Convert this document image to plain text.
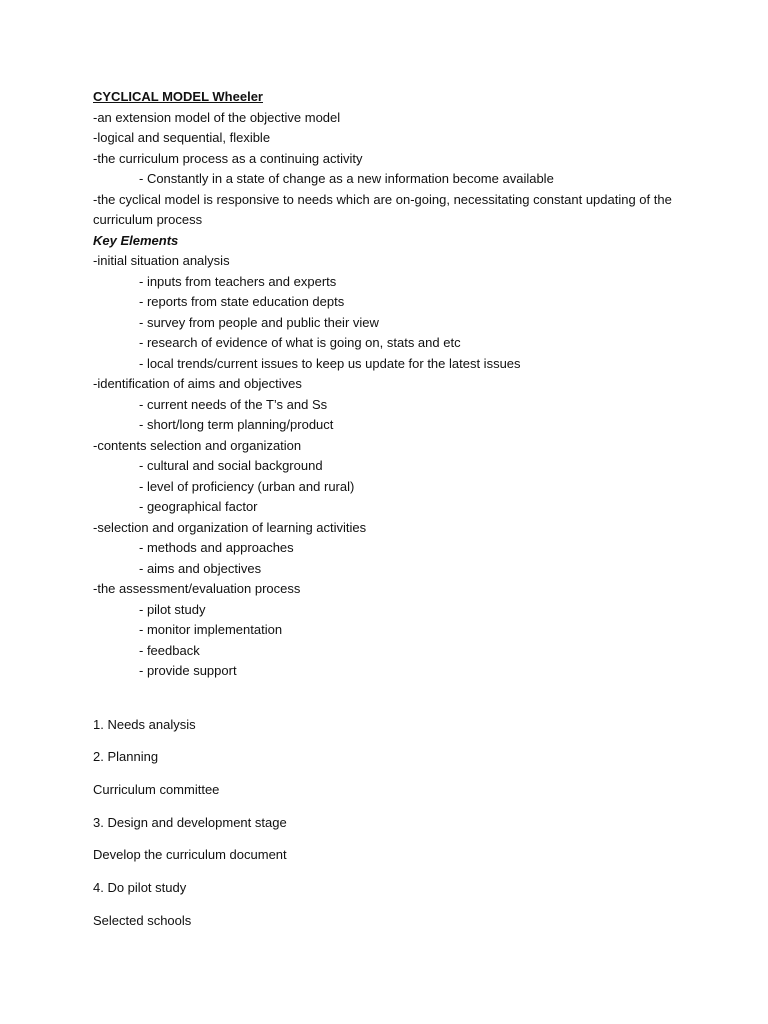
CYCLICAL MODEL Wheeler
-an extension model of the objective model
-logical and sequential, flexible
-the curriculum process as a continuing activity
- Constantly in a state of change as a new information become available
-the cyclical model is responsive to needs which are on-going, necessitating constant updating of the curriculum process
Key Elements
-initial situation analysis
- inputs from teachers and experts
- reports from state education depts
- survey from people and public their view
- research of evidence of what is going on, stats and etc
- local trends/current issues to keep us update for the latest issues
-identification of aims and objectives
- current needs of the T’s and Ss
- short/long term planning/product
-contents selection and organization
- cultural and social background
- level of proficiency (urban and rural)
- geographical factor
-selection and organization of learning activities
- methods and approaches
- aims and objectives
-the assessment/evaluation process
- pilot study
- monitor implementation
- feedback
- provide support
1. Needs analysis
2. Planning
Curriculum committee
3. Design and development stage
Develop the curriculum document
4. Do pilot study
Selected schools
